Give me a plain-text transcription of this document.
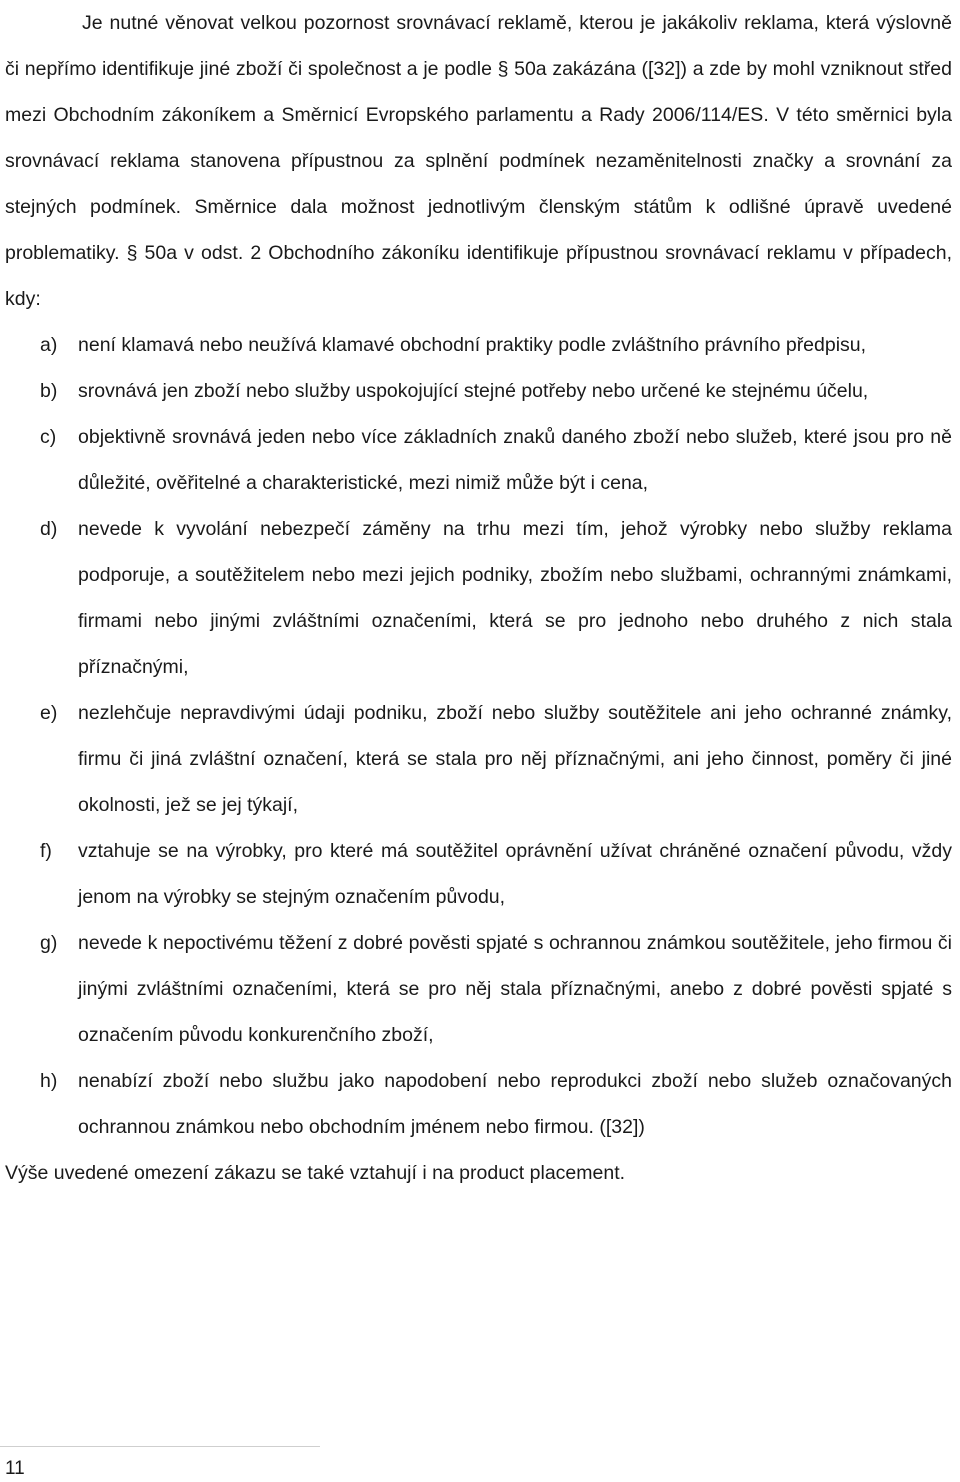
Je nutné věnovat velkou pozornost srovnávací reklamě, kterou je jakákoliv reklama, která výslovně či nepřímo identifikuje jiné zboží či společnost a je podle § 50a zakázána ([32]) a zde by mohl vzniknout střed mezi Obchodním zákoníkem a Směrnicí Evropského parlamentu a Rady 2006/114/ES. V této směrnici byla srovnávací reklama stanovena přípustnou za splnění podmínek nezaměnitelnosti značky a srovnání za stejných podmínek. Směrnice dala možnost jednotlivým členským státům k odlišné úpravě uvedené problematiky. § 50a v odst. 2 Obchodního zákoníku identifikuje přípustnou srovnávací reklamu v případech, kdy:

a)	není klamavá nebo neužívá klamavé obchodní praktiky podle zvláštního právního předpisu,
b)	srovnává jen zboží nebo služby uspokojující stejné potřeby nebo určené ke stejnému účelu,
c)	objektivně srovnává jeden nebo více základních znaků daného zboží nebo služeb, které jsou pro ně důležité, ověřitelné a charakteristické, mezi nimiž může být i cena,
d)	nevede k vyvolání nebezpečí záměny na trhu mezi tím, jehož výrobky nebo služby reklama podporuje, a soutěžitelem nebo mezi jejich podniky, zbožím nebo službami, ochrannými známkami, firmami nebo jinými zvláštními označeními, která se pro jednoho nebo druhého z nich stala příznačnými,
e)	nezlehčuje nepravdivými údaji podniku, zboží nebo služby soutěžitele ani jeho ochranné známky, firmu či jiná zvláštní označení, která se stala pro něj příznačnými, ani jeho činnost, poměry či jiné okolnosti, jež se jej týkají,
f)	vztahuje se na výrobky, pro které má soutěžitel oprávnění užívat chráněné označení původu, vždy jenom na výrobky se stejným označením původu,
g)	nevede k nepoctivému těžení z dobré pověsti spjaté s ochrannou známkou soutěžitele, jeho firmou či jinými zvláštními označeními, která se pro něj stala příznačnými, anebo z dobré pověsti spjaté s označením původu konkurenčního zboží,
h)	nenabízí zboží nebo službu jako napodobení nebo reprodukci zboží nebo služeb označovaných ochrannou známkou nebo obchodním jménem nebo firmou. ([32])

Výše uvedené omezení zákazu se také vztahují i na product placement.

11
